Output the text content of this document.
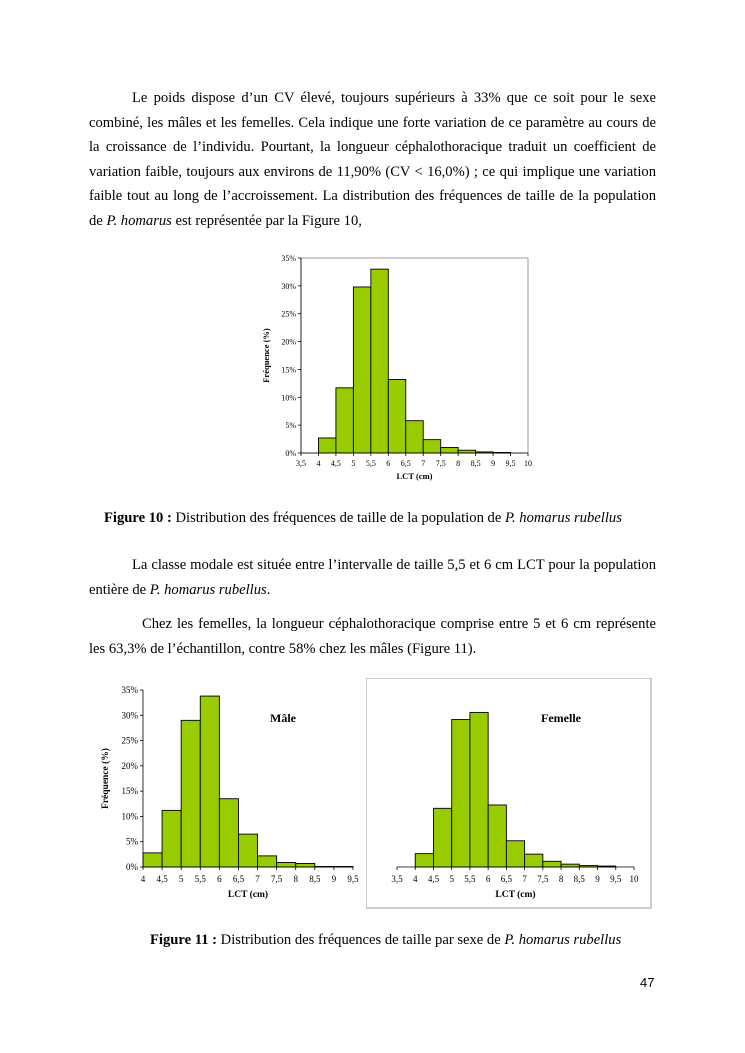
Le poids dispose d’un CV élevé, toujours supérieurs à 33% que ce soit pour le sexe combiné, les mâles et les femelles. Cela indique une forte variation de ce paramètre au cours de la croissance de l’individu. Pourtant, la longueur céphalothoracique traduit un coefficient de variation faible, toujours aux environs de 11,90% (CV < 16,0%) ; ce qui implique une variation faible tout au long de l’accroissement. La distribution des fréquences de taille de la population de P. homarus est représentée par la Figure 10,

0%
5%
10%
15%
20%
25%
30%
35%
3,5 4 4,5 5 5,5 6 6,5 7 7,5 8 8,5 9 9,5 10
LCT (cm)
Fréquence (%)
Figure 10 : Distribution des fréquences de taille de la population de P. homarus rubellus

La classe modale est située entre l’intervalle de taille 5,5 et 6 cm LCT pour la population entière de P. homarus rubellus.

Chez les femelles, la longueur céphalothoracique comprise entre 5 et 6 cm représente les 63,3% de l’échantillon, contre 58% chez les mâles (Figure 11).

0%
5%
10%
15%
20%
25%
30%
35%
4 4,5 5 5,5 6 6,5 7 7,5 8 8,5 9 9,5
LCT (cm)
Fréquence (%)
Mâle
3,5 4 4,5 5 5,5 6 6,5 7 7,5 8 8,5 9 9,5 10
LCT (cm)
Femelle
Figure 11 : Distribution des fréquences de taille par sexe de P. homarus rubellus
47
